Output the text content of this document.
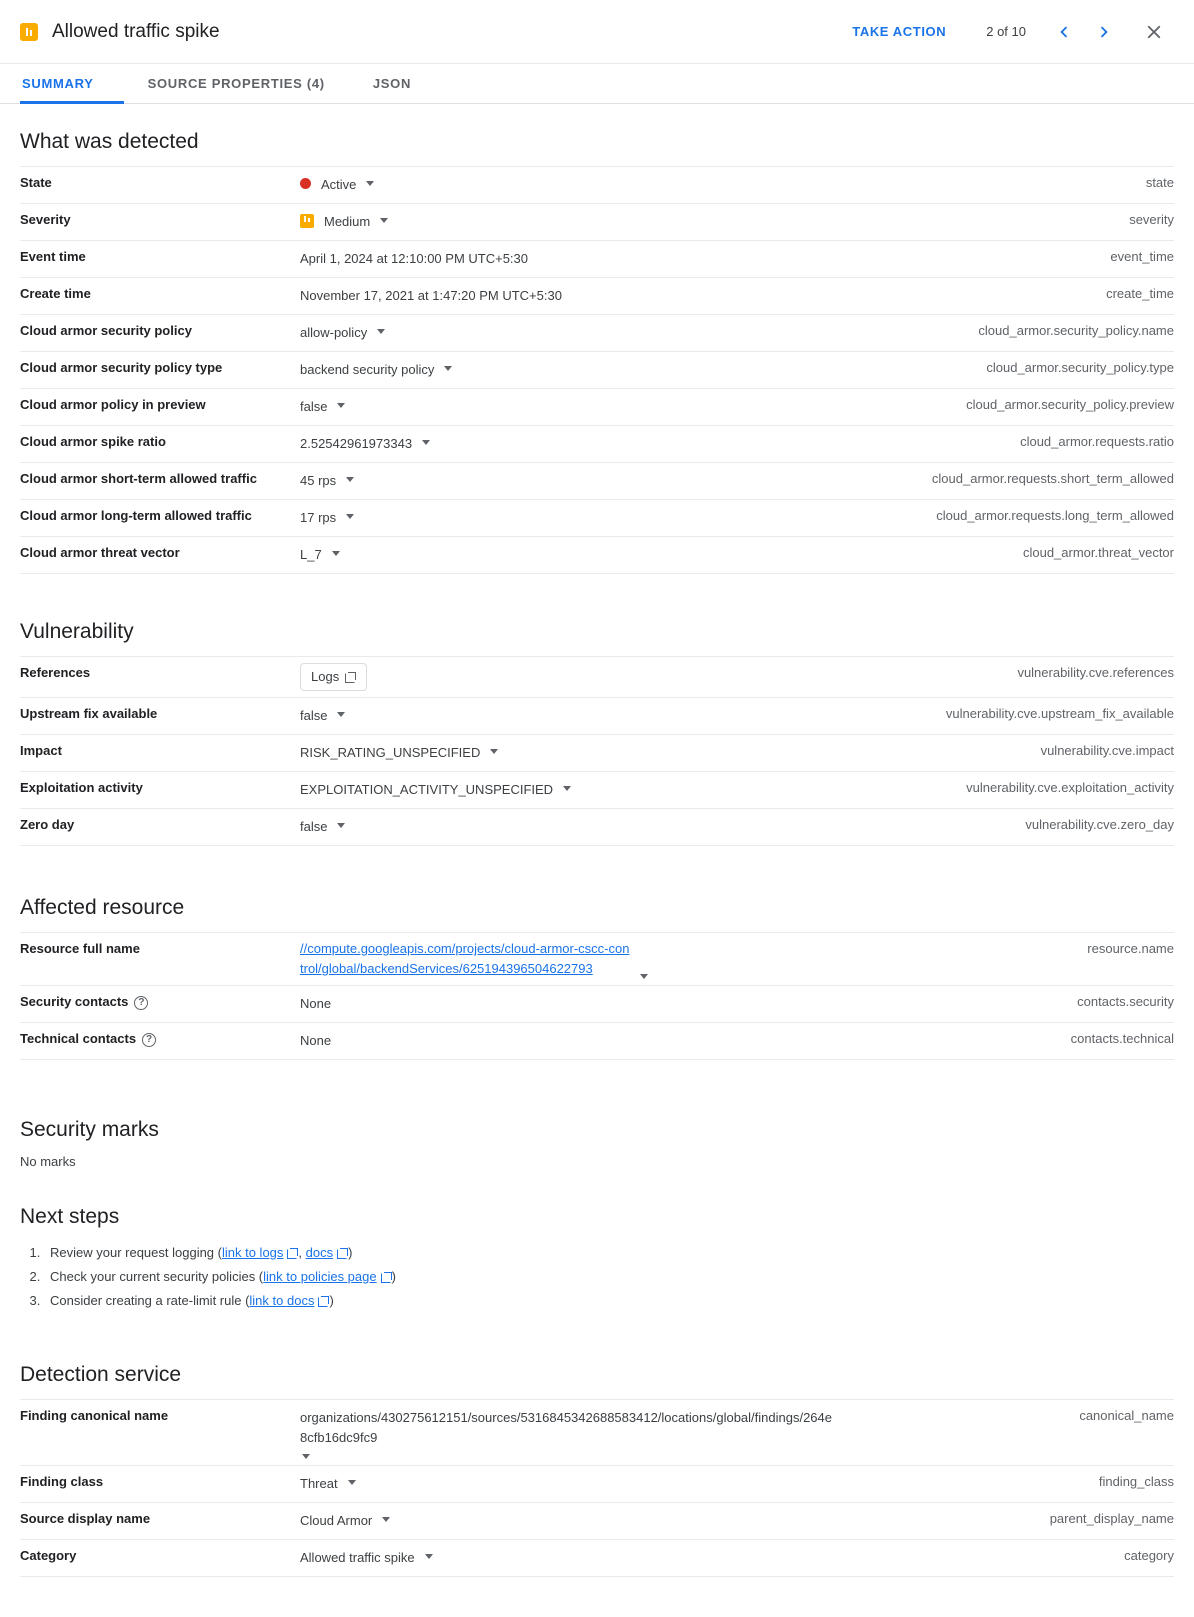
Allowed traffic spike	TAKE ACTION	2 of 10
SUMMARY	SOURCE PROPERTIES (4)	JSON
What was detected
State	Active	state
Severity	Medium	severity
Event time	April 1, 2024 at 12:10:00 PM UTC+5:30	event_time
Create time	November 17, 2021 at 1:47:20 PM UTC+5:30	create_time
Cloud armor security policy	allow-policy	cloud_armor.security_policy.name
Cloud armor security policy type	backend security policy	cloud_armor.security_policy.type
Cloud armor policy in preview	false	cloud_armor.security_policy.preview
Cloud armor spike ratio	2.52542961973343	cloud_armor.requests.ratio
Cloud armor short-term allowed traffic	45 rps	cloud_armor.requests.short_term_allowed
Cloud armor long-term allowed traffic	17 rps	cloud_armor.requests.long_term_allowed
Cloud armor threat vector	L_7	cloud_armor.threat_vector
Vulnerability
References	Logs	vulnerability.cve.references
Upstream fix available	false	vulnerability.cve.upstream_fix_available
Impact	RISK_RATING_UNSPECIFIED	vulnerability.cve.impact
Exploitation activity	EXPLOITATION_ACTIVITY_UNSPECIFIED	vulnerability.cve.exploitation_activity
Zero day	false	vulnerability.cve.zero_day
Affected resource
Resource full name	//compute.googleapis.com/projects/cloud-armor-cscc-control/global/backendServices/625194396504622793	resource.name
Security contacts ?	None	contacts.security
Technical contacts ?	None	contacts.technical
Security marks
No marks
Next steps
1. Review your request logging ( link to logs , docs )
2. Check your current security policies ( link to policies page )
3. Consider creating a rate-limit rule ( link to docs )
Detection service
Finding canonical name	organizations/430275612151/sources/5316845342688583412/locations/global/findings/264e8cfb16dc9fc9	canonical_name
Finding class	Threat	finding_class
Source display name	Cloud Armor	parent_display_name
Category	Allowed traffic spike	category
